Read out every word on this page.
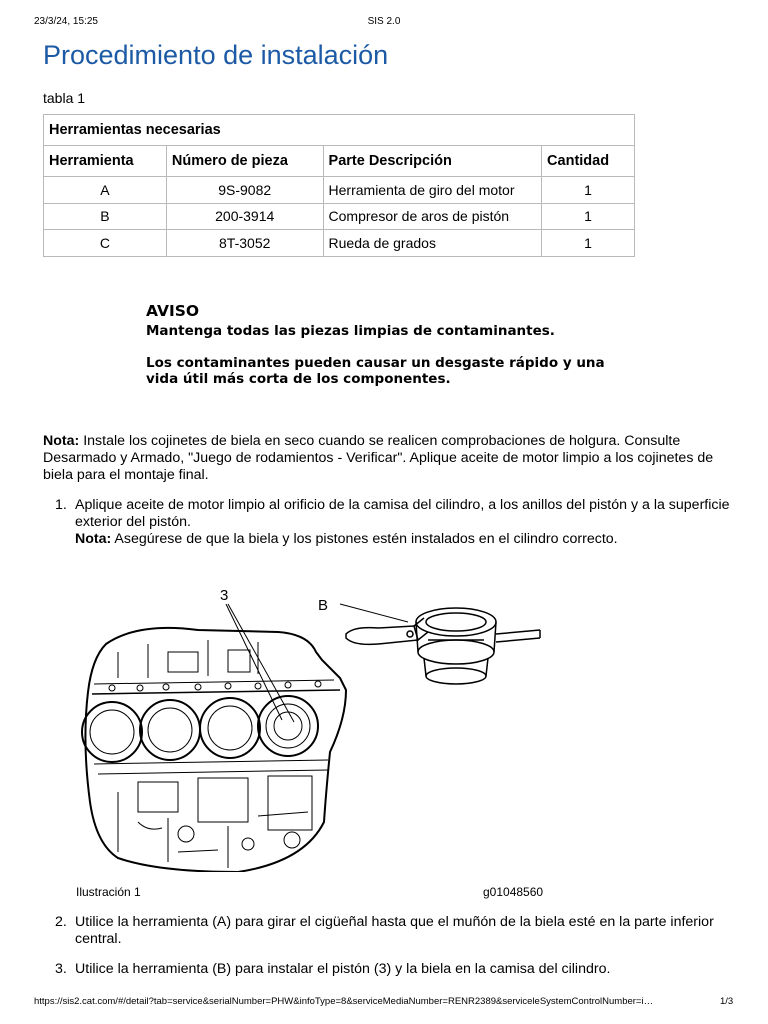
23/3/24, 15:25	SIS 2.0
Procedimiento de instalación
tabla 1
Herramientas necesarias			
Herramienta	Número de pieza	Parte Descripción	Cantidad
A	9S-9082	Herramienta de giro del motor	1
B	200-3914	Compresor de aros de pistón	1
C	8T-3052	Rueda de grados	1
AVISO

Mantenga todas las piezas limpias de contaminantes.

Los contaminantes pueden causar un desgaste rápido y una vida útil más corta de los componentes.

Nota: Instale los cojinetes de biela en seco cuando se realicen comprobaciones de holgura. Consulte Desarmado y Armado, "Juego de rodamientos - Verificar". Aplique aceite de motor limpio a los cojinetes de biela para el montaje final.
1. Aplique aceite de motor limpio al orificio de la camisa del cilindro, a los anillos del pistón y a la superficie exterior del pistón.
Nota: Asegúrese de que la biela y los pistones estén instalados en el cilindro correcto.
3
B
Ilustración 1	g01048560
2. Utilice la herramienta (A) para girar el cigüeñal hasta que el muñón de la biela esté en la parte inferior central.
3. Utilice la herramienta (B) para instalar el pistón (3) y la biela en la camisa del cilindro.
https://sis2.cat.com/#/detail?tab=service&serialNumber=PHW&infoType=8&serviceMediaNumber=RENR2389&serviceleSystemControlNumber=i…	1/3
